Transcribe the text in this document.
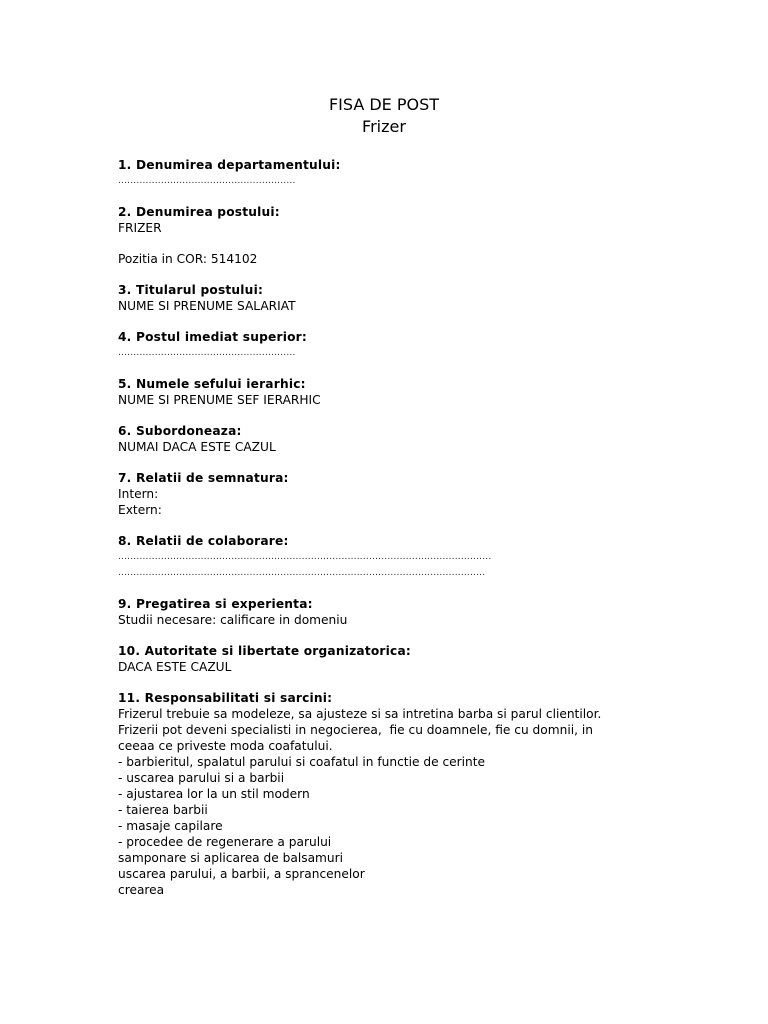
FISA DE POST
Frizer
1. Denumirea departamentului:
..........................................................
2. Denumirea postului:
FRIZER
Pozitia in COR: 514102
3. Titularul postului:
NUME SI PRENUME SALARIAT
4. Postul imediat superior:
..........................................................
5. Numele sefului ierarhic:
NUME SI PRENUME SEF IERARHIC
6. Subordoneaza:
NUMAI DACA ESTE CAZUL
7. Relatii de semnatura:
Intern:
Extern:
8. Relatii de colaborare:
..........................................................................................................................
........................................................................................................................
9. Pregatirea si experienta:
Studii necesare: calificare in domeniu
10. Autoritate si libertate organizatorica:
DACA ESTE CAZUL
11. Responsabilitati si sarcini:
Frizerul trebuie sa modeleze, sa ajusteze si sa intretina barba si parul clientilor.
Frizerii pot deveni specialisti in negocierea,  fie cu doamnele, fie cu domnii, in
ceeaa ce priveste moda coafatului.
- barbieritul, spalatul parului si coafatul in functie de cerinte
- uscarea parului si a barbii
- ajustarea lor la un stil modern
- taierea barbii
- masaje capilare
- procedee de regenerare a parului
samponare si aplicarea de balsamuri
uscarea parului, a barbii, a sprancenelor
crearea
